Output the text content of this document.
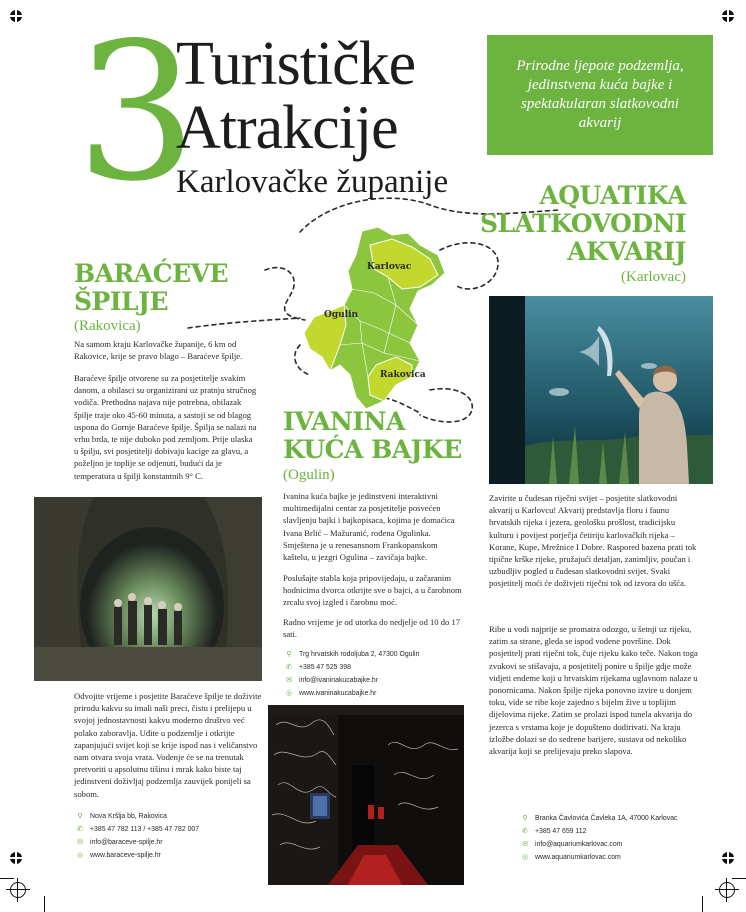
3
Turističke
Atrakcije
Karlovačke županije
Prirodne ljepote podzemlja, jedinstvena kuća bajke i spektakularan slatkovodni akvarij
Karlovac
Ogulin
Rakovica
BARAĆEVE
ŠPILJE
(Rakovica)
Na samom kraju Karlovačke županije, 6 km od Rakovice, krije se pravo blago – Baraćeve špilje.
Baraćeve špilje otvorene su za posjetitelje svakim danom, a obilasci su organizirani uz pratnju stručnog vodiča. Prethodna najava nije potrebna, obilazak špilje traje oko 45-60 minuta, a sastoji se od blagog uspona do Gornje Baraćeve špilje. Špilja se nalazi na vrhu brda, te nije duboko pod zemljom. Prije ulaska u špilju, svi posjetitelji dobivaju kacige za glavu, a poželjno je toplije se odjenuti, budući da je temperatura u špilji konstantnih 9° C.
Odvojite vrijeme i posjetite Baraćeve špilje te doživite prirodu kakvu su imali naši preci, čistu i prelijepu u svojoj jednostavnosti kakvu moderno društvo već polako zaboravlja. Uđite u podzemlje i otkrijte zapanjujući svijet koji se krije ispod nas i veličanstvo nam otvara svoja vrata. Vodenje će se na trenutak pretvoriti u apsolutnu tišinu i mrak kako biste taj jedinstveni doživljaj podzemlja zauvijek ponijeli sa sobom.
⚲	Nova Kršlja bb, Rakovica
✆	+385 47 782 113 / +385 47 782 007
✉	info@baraceve-spilje.hr
◎	www.baraceve-spilje.hr
IVANINA
KUĆA BAJKE
(Ogulin)
Ivanina kuća bajke je jedinstveni interaktivni multimedijalni centar za posjetitelje posvećen slavljenju bajki i bajkopisaca, kojima je domaćica Ivana Brlić – Mažuranić, rođena Ogulinka. Smještena je u renesansnom Frankopanskom kaštelu, u jezgri Ogulina – zavičaja bajke.
Poslušajte stabla koja pripovijedaju, u začaranim hodnicima dvorca otkrijte sve o bajci, a u čarobnom zrcalu svoj izgled i čarobnu moć.
Radno vrijeme je od utorka do nedjelje od 10 do 17 sati.
⚲	Trg hrvatskih rodoljuba 2, 47300 Ogulin
✆	+385 47 525 398
✉	info@ivaninakucabajke.hr
◎	www.ivaninakucabajke.hr
AQUATIKA
SLATKOVODNI
AKVARIJ
(Karlovac)
Zavirite u čudesan riječni svijet – posjetite slatkovodni akvarij u Karlovcu! Akvarij predstavlja floru i faunu hrvatskih rijeka i jezera, geološku prošlost, tradicijsku kulturu i povijest porječja četiriju karlovačkih rijeka – Korane, Kupe, Mrežnice I Dobre. Raspored bazena prati tok tipične krške rijeke, pružajući detaljan, zanimljiv, poučan i uzbudljiv pogled u čudesan slatkovodni svijet. Svaki posjetitelj moći će doživjeti riječni tok od izvora do ušća.
Ribe u vodi najprije se promatra odozgo, u šetnji uz rijeku, zatim sa strane, gleda se ispod vodene površine. Dok posjetitelj prati riječni tok, čuje rijeku kako teče. Nakon toga zvukovi se stišavaju, a posjetitelj ponire u špilje gdje može vidjeti endeme koji u hrvatskim rijekama uglavnom nalaze u ponornicama. Nakon špilje rijeka ponovno izvire u donjem toku, vide se ribe koje zajedno s bijelm žive u toplijim dijelovima rijeke. Zatim se prolazi ispod tunela akvarija do jezerca s vrstama koje je dopušteno dodirivati. Na kraju izložbe dolazi se do sedrene barijere, sustava od nekoliko akvarija koji se prelijevaju preko slapova.
⚲	Branka Čavlovića Čavleka 1A, 47000 Karlovac
✆	+385 47 659 112
✉	info@aquariumkarlovac.com
◎	www.aquariumkarlovac.com
